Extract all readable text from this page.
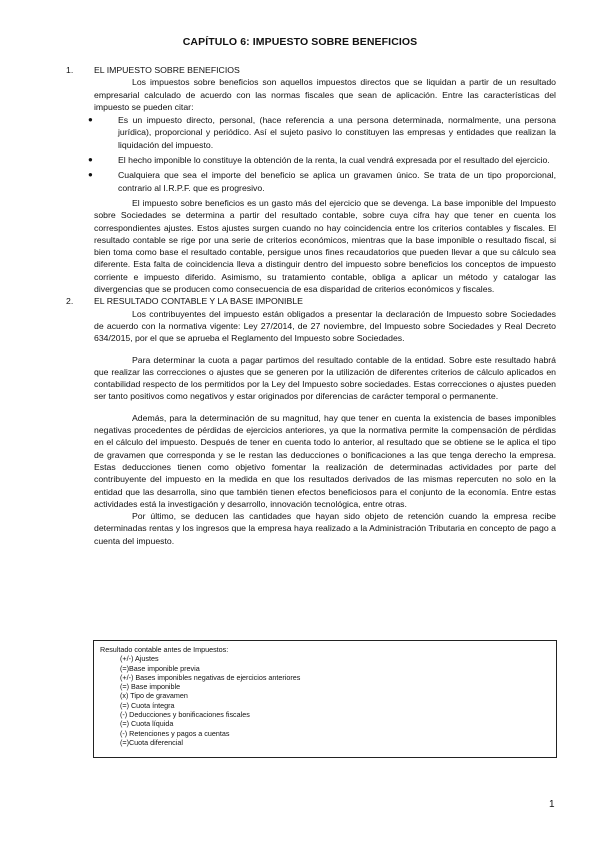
CAPÍTULO 6: IMPUESTO SOBRE BENEFICIOS
1. EL IMPUESTO SOBRE BENEFICIOS

Los impuestos sobre beneficios son aquellos impuestos directos que se liquidan a partir de un resultado empresarial calculado de acuerdo con las normas fiscales que sean de aplicación. Entre las características del impuesto se pueden citar:

●	Es un impuesto directo, personal, (hace referencia a una persona determinada, normalmente, una persona jurídica), proporcional y periódico. Así el sujeto pasivo lo constituyen las empresas y entidades que realizan la liquidación del impuesto.
●	El hecho imponible lo constituye la obtención de la renta, la cual vendrá expresada por el resultado del ejercicio.
●	Cualquiera que sea el importe del beneficio se aplica un gravamen único. Se trata de un tipo proporcional, contrario al I.R.P.F. que es progresivo.

El impuesto sobre beneficios es un gasto más del ejercicio que se devenga. La base imponible del Impuesto sobre Sociedades se determina a partir del resultado contable, sobre cuya cifra hay que tener en cuenta los correspondientes ajustes. Estos ajustes surgen cuando no hay coincidencia entre los criterios contables y fiscales. El resultado contable se rige por una serie de criterios económicos, mientras que la base imponible o resultado fiscal, si bien toma como base el resultado contable, persigue unos fines recaudatorios que pueden llevar a que su cálculo sea diferente. Esta falta de coincidencia lleva a distinguir dentro del impuesto sobre beneficios los conceptos de impuesto corriente e impuesto diferido. Asimismo, su tratamiento contable, obliga a aplicar un método y catalogar las divergencias que se producen como consecuencia de esa disparidad de criterios económicos y fiscales.

2. EL RESULTADO CONTABLE Y LA BASE IMPONIBLE

Los contribuyentes del impuesto están obligados a presentar la declaración de Impuesto sobre Sociedades de acuerdo con la normativa vigente: Ley 27/2014, de 27 noviembre, del Impuesto sobre Sociedades y Real Decreto 634/2015, por el que se aprueba el Reglamento del Impuesto sobre Sociedades.

Para determinar la cuota a pagar partimos del resultado contable de la entidad. Sobre este resultado habrá que realizar las correcciones o ajustes que se generen por la utilización de diferentes criterios de cálculo aplicados en contabilidad respecto de los permitidos por la Ley del Impuesto sobre sociedades. Estas correcciones o ajustes pueden ser tanto positivos como negativos y estar originados por diferencias de carácter temporal o permanente.

Además, para la determinación de su magnitud, hay que tener en cuenta la existencia de bases imponibles negativas procedentes de pérdidas de ejercicios anteriores, ya que la normativa permite la compensación de pérdidas en el cálculo del impuesto. Después de tener en cuenta todo lo anterior, al resultado que se obtiene se le aplica el tipo de gravamen que corresponda y se le restan las deducciones o bonificaciones a las que tenga derecho la empresa. Estas deducciones tienen como objetivo fomentar la realización de determinadas actividades por parte del contribuyente del impuesto en la medida en que los resultados derivados de las mismas repercuten no solo en la entidad que las desarrolla, sino que también tienen efectos beneficiosos para el conjunto de la economía. Entre estas actividades está la investigación y desarrollo, innovación tecnológica, entre otras.

Por último, se deducen las cantidades que hayan sido objeto de retención cuando la empresa recibe determinadas rentas y los ingresos que la empresa haya realizado a la Administración Tributaria en concepto de pago a cuenta del impuesto.

Resultado contable antes de Impuestos:
(+/-) Ajustes
(=)Base imponible previa
(+/-) Bases imponibles negativas de ejercicios anteriores
(=) Base imponible
(x) Tipo de gravamen
(=) Cuota íntegra
(-) Deducciones y bonificaciones fiscales
(=) Cuota líquida
(-) Retenciones y pagos a cuentas
(=)Cuota diferencial
1
